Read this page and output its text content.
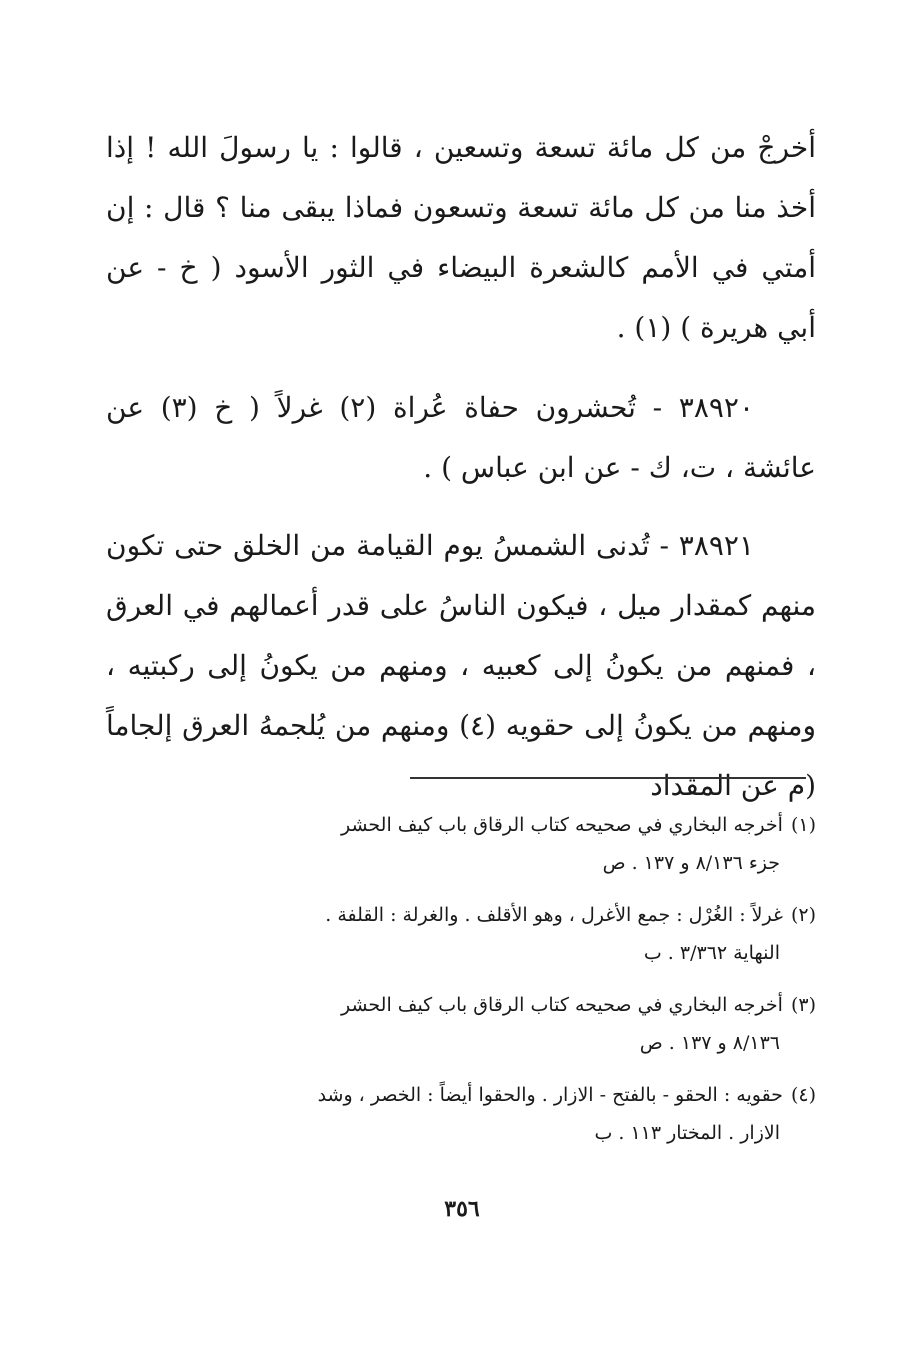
أخرجْ من كل مائة تسعة وتسعين ، قالوا : يا رسولَ الله ! إذا أخذ منا من كل مائة تسعة وتسعون فماذا يبقى منا ؟ قال : إن أمتي في الأمم كالشعرة البيضاء في الثور الأسود ( خ - عن أبي هريرة ) (١) .

٣٨٩٢٠ - تُحشرون حفاة عُراة (٢) غرلاً ( خ (٣) عن عائشة ، ت، ك - عن ابن عباس ) .

٣٨٩٢١ - تُدنى الشمسُ يوم القيامة من الخلق حتى تكون منهم كمقدار ميل ، فيكون الناسُ على قدر أعمالهم في العرق ، فمنهم من يكونُ إلى كعبيه ، ومنهم من يكونُ إلى ركبتيه ، ومنهم من يكونُ إلى حقويه (٤) ومنهم من يُلجمهُ العرق إلجاماً (م عن المقداد

(١)أخرجه البخاري في صحيحه كتاب الرقاق باب كيف الحشر
جزء ٨/١٣٦ و ١٣٧ . ص

(٢)غرلاً : الغُرْل : جمع الأغرل ، وهو الأقلف . والغرلة : القلفة .
النهاية ٣/٣٦٢ . ب

(٣)أخرجه البخاري في صحيحه كتاب الرقاق باب كيف الحشر
٨/١٣٦ و ١٣٧ . ص

(٤)حقويه : الحقو - بالفتح - الازار . والحقوا أيضاً : الخصر ، وشد
الازار . المختار ١١٣ . ب

٣٥٦
